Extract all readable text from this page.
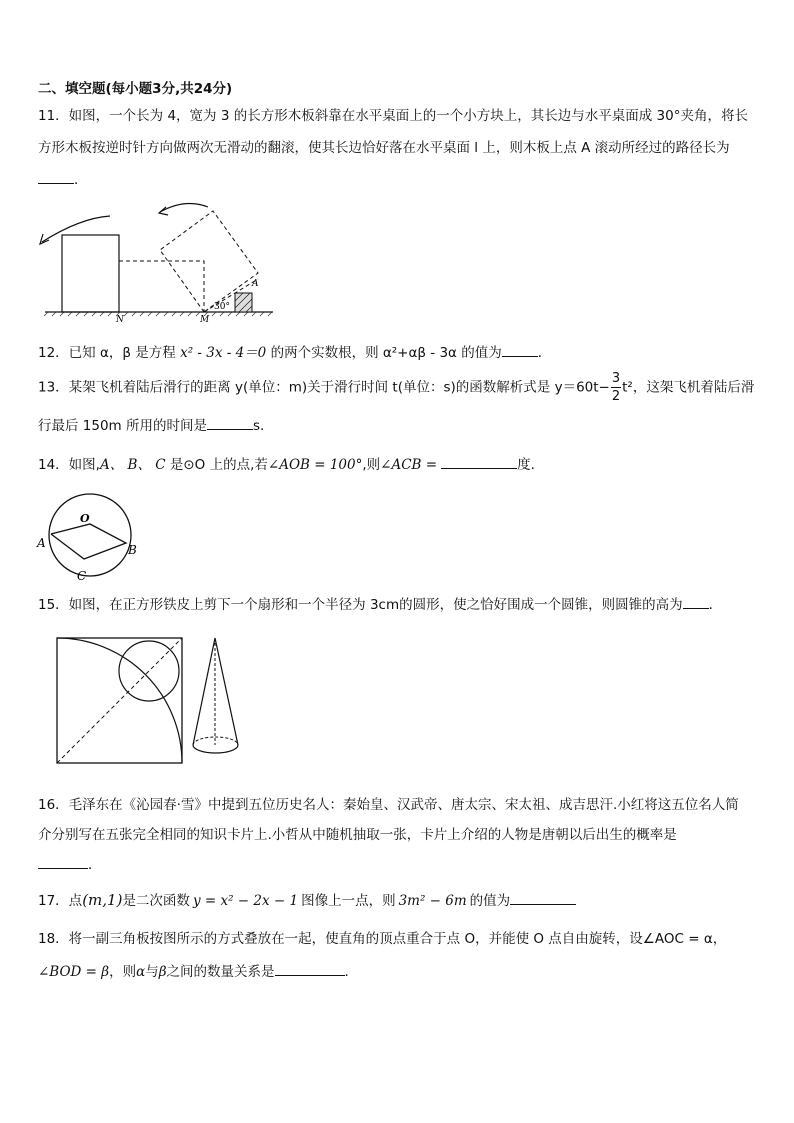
二、填空题(每小题3分,共24分)
11．如图，一个长为 4，宽为 3 的长方形木板斜靠在水平桌面上的一个小方块上，其长边与水平桌面成 30°夹角，将长
方形木板按逆时针方向做两次无滑动的翻滚，使其长边恰好落在水平桌面 l 上，则木板上点 A 滚动所经过的路径长为
．
A
N	M
30°
12．已知 α，β 是方程 x² - 3x - 4＝0 的两个实数根，则 α²+αβ - 3α 的值为	．
13．某架飞机着陆后滑行的距离 y(单位：m)关于滑行时间 t(单位：s)的函数解析式是 $y=60t- \frac{3}{2} t^2$，这架飞机着陆后滑
行最后 150m 所用的时间是	s.
14．如图,A、 B、 C 是⊙O 上的点,若∠AOB = 100°,则∠ACB =	度．
O
A	B
C
15．如图，在正方形铁皮上剪下一个扇形和一个半径为 3cm的圆形，使之恰好围成一个圆锥，则圆锥的高为 ．
16．毛泽东在《沁园春·雪》中提到五位历史名人：秦始皇、汉武帝、唐太宗、宋太祖、成吉思汗.小红将这五位名人简
介分别写在五张完全相同的知识卡片上.小哲从中随机抽取一张，卡片上介绍的人物是唐朝以后出生的概率是
．
17．点(m,1)是二次函数 y = x² − 2x − 1 图像上一点，则 3m² − 6m 的值为
18．将一副三角板按图所示的方式叠放在一起，使直角的顶点重合于点 O，并能使 O 点自由旋转，设∠AOC = α，
∠BOD = β，则α与β之间的数量关系是	.
